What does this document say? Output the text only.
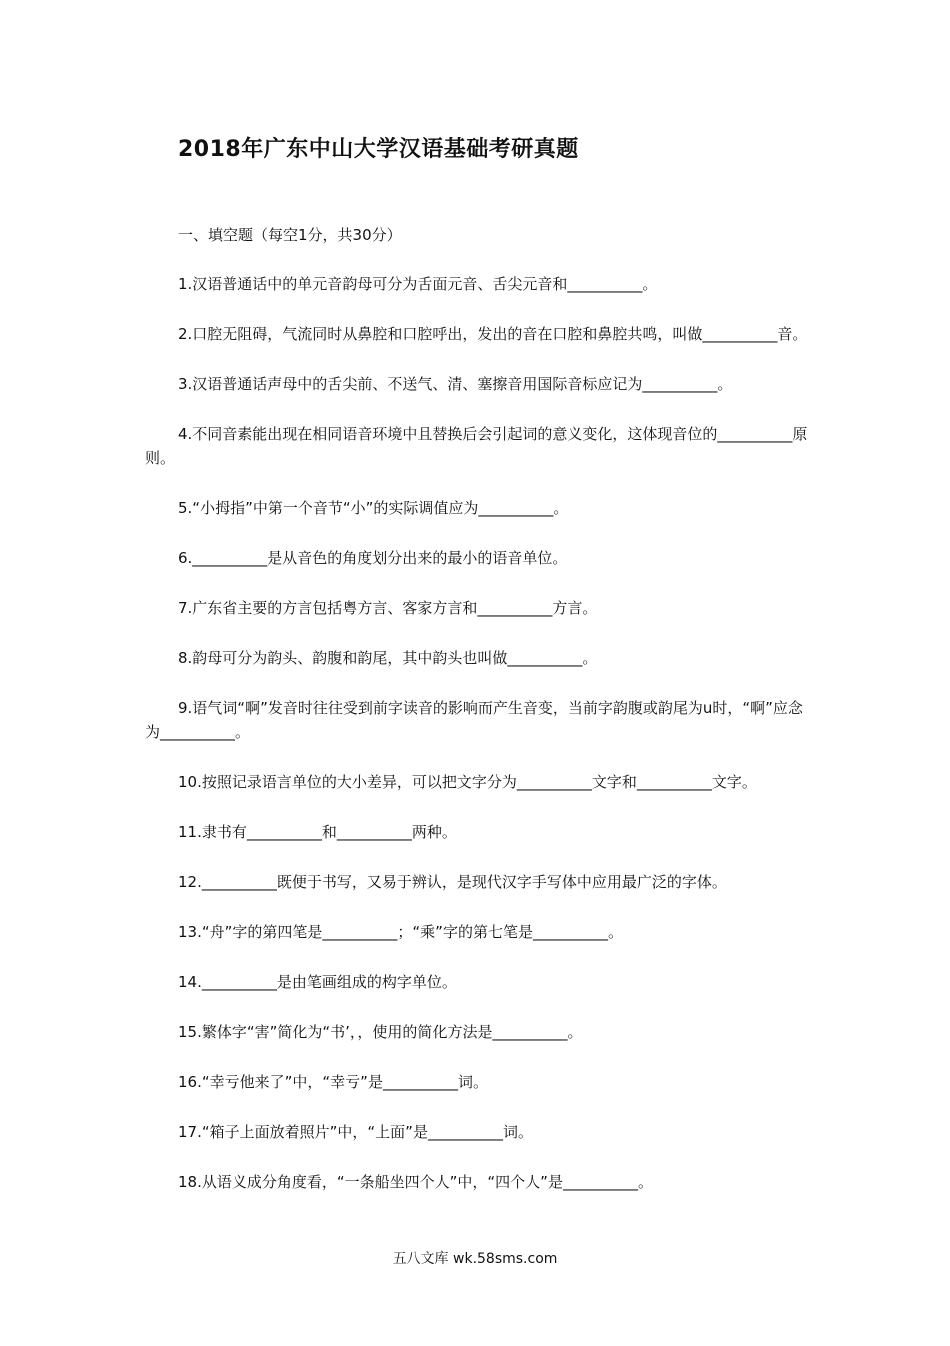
2018年广东中山大学汉语基础考研真题

一、填空题（每空1分，共30分）

1.汉语普通话中的单元音韵母可分为舌面元音、舌尖元音和__________。

2.口腔无阻碍，气流同时从鼻腔和口腔呼出，发出的音在口腔和鼻腔共鸣，叫做__________音。

3.汉语普通话声母中的舌尖前、不送气、清、塞擦音用国际音标应记为__________。

4.不同音素能出现在相同语音环境中且替换后会引起词的意义变化，这体现音位的__________原则。

5.“小拇指”中第一个音节“小”的实际调值应为__________。

6.__________是从音色的角度划分出来的最小的语音单位。

7.广东省主要的方言包括粤方言、客家方言和__________方言。

8.韵母可分为韵头、韵腹和韵尾，其中韵头也叫做__________。

9.语气词“啊”发音时往往受到前字读音的影响而产生音变，当前字韵腹或韵尾为u时，“啊”应念为__________。

10.按照记录语言单位的大小差异，可以把文字分为__________文字和__________文字。

11.隶书有__________和__________两种。

12.__________既便于书写，又易于辨认，是现代汉字手写体中应用最广泛的字体。

13.“舟”字的第四笔是__________；“乘”字的第七笔是__________。

14.__________是由笔画组成的构字单位。

15.繁体字“害”简化为“书’，，使用的简化方法是__________。

16.“幸亏他来了”中，“幸亏”是__________词。

17.“箱子上面放着照片”中，“上面”是__________词。

18.从语义成分角度看，“一条船坐四个人”中，“四个人”是__________。

五八文库 wk.58sms.com
